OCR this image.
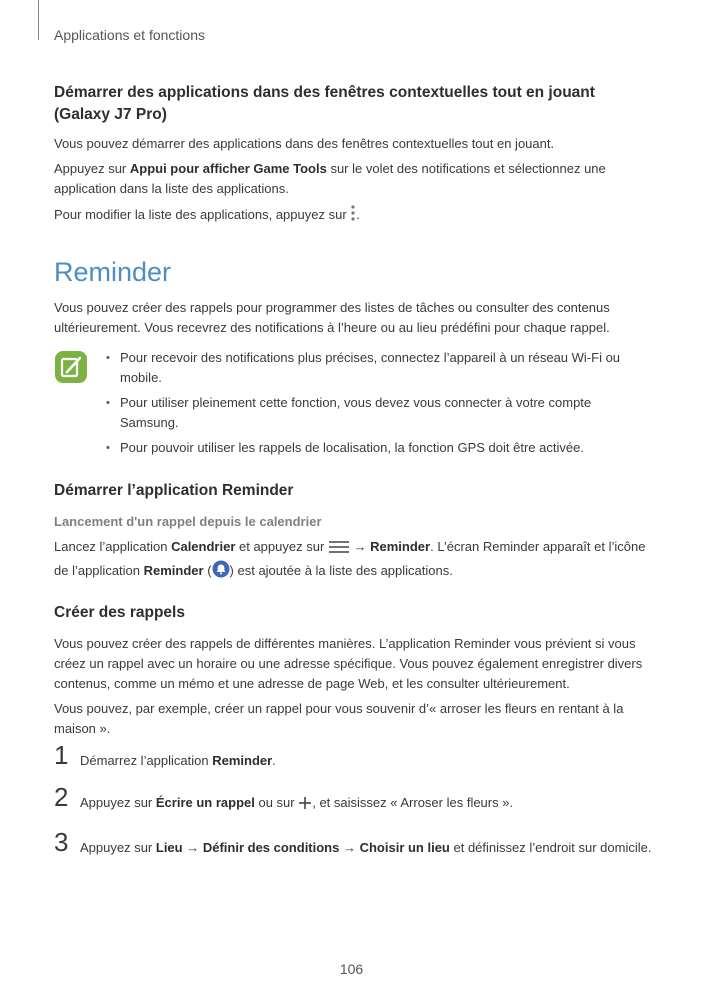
Applications et fonctions
Démarrer des applications dans des fenêtres contextuelles tout en jouant (Galaxy J7 Pro)

Vous pouvez démarrer des applications dans des fenêtres contextuelles tout en jouant.

Appuyez sur Appui pour afficher Game Tools sur le volet des notifications et sélectionnez une application dans la liste des applications.

Pour modifier la liste des applications, appuyez sur .

Reminder

Vous pouvez créer des rappels pour programmer des listes de tâches ou consulter des contenus ultérieurement. Vous recevrez des notifications à l’heure ou au lieu prédéfini pour chaque rappel.

• Pour recevoir des notifications plus précises, connectez l’appareil à un réseau Wi-Fi ou mobile.
• Pour utiliser pleinement cette fonction, vous devez vous connecter à votre compte Samsung.
• Pour pouvoir utiliser les rappels de localisation, la fonction GPS doit être activée.
Démarrer l’application Reminder
Lancement d'un rappel depuis le calendrier

Lancez l’application Calendrier et appuyez sur  → Reminder. L’écran Reminder apparaît et l’icône de l’application Reminder ( ) est ajoutée à la liste des applications.

Créer des rappels

Vous pouvez créer des rappels de différentes manières. L’application Reminder vous prévient si vous créez un rappel avec un horaire ou une adresse spécifique. Vous pouvez également enregistrer divers contenus, comme un mémo et une adresse de page Web, et les consulter ultérieurement.

Vous pouvez, par exemple, créer un rappel pour vous souvenir d’« arroser les fleurs en rentant à la maison ».

1 Démarrez l’application Reminder.
2 Appuyez sur Écrire un rappel ou sur , et saisissez « Arroser les fleurs ».
3 Appuyez sur Lieu → Définir des conditions → Choisir un lieu et définissez l’endroit sur domicile.
106
